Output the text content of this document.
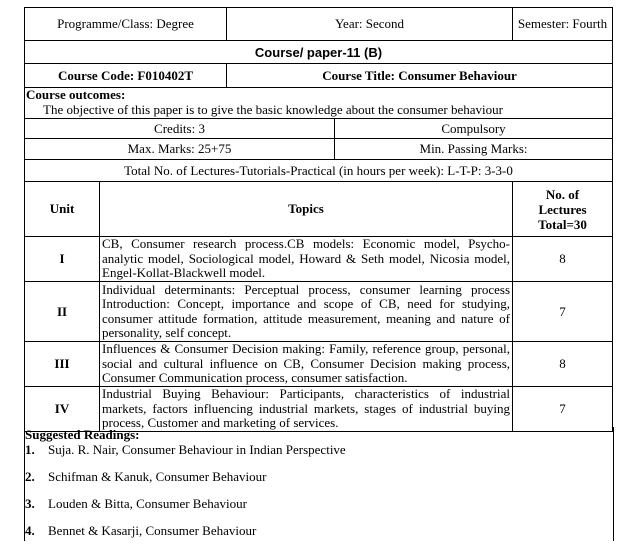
Programme/Class: Degree		Year: Second		Semester: Fourth
Course/ paper-11 (B)				
Course Code: F010402T		Course Title: Consumer Behaviour		

Course outcomes:
The objective of this paper is to give the basic knowledge about the consumer behaviour				

Credits: 3			Compulsory	
Max. Marks: 25+75			Min. Passing Marks:	
Total No. of Lectures-Tutorials-Practical (in hours per week): L-T-P: 3-3-0				
Unit	Topics			No. of
Lectures
Total=30

I	CB, Consumer research process.CB models: Economic model, Psycho-analytic model, Sociological model, Howard & Seth model, Nicosia model, Engel-Kollat-Blackwell model.			8
II	Individual determinants: Perceptual process, consumer learning process Introduction: Concept, importance and scope of CB, need for studying, consumer attitude formation, attitude measurement, meaning and nature of personality, self concept.			7
III	Influences & Consumer Decision making: Family, reference group, personal, social and cultural influence on CB, Consumer Decision making process, Consumer Communication process, consumer satisfaction.			8
IV	Industrial Buying Behaviour: Participants, characteristics of industrial markets, factors influencing industrial markets, stages of industrial buying process, Customer and marketing of services.			7
Suggested Readings:
1.	Suja. R. Nair, Consumer Behaviour in Indian Perspective
2.	Schifman & Kanuk, Consumer Behaviour
3.	Louden & Bitta, Consumer Behaviour
4.	Bennet & Kasarji, Consumer Behaviour
